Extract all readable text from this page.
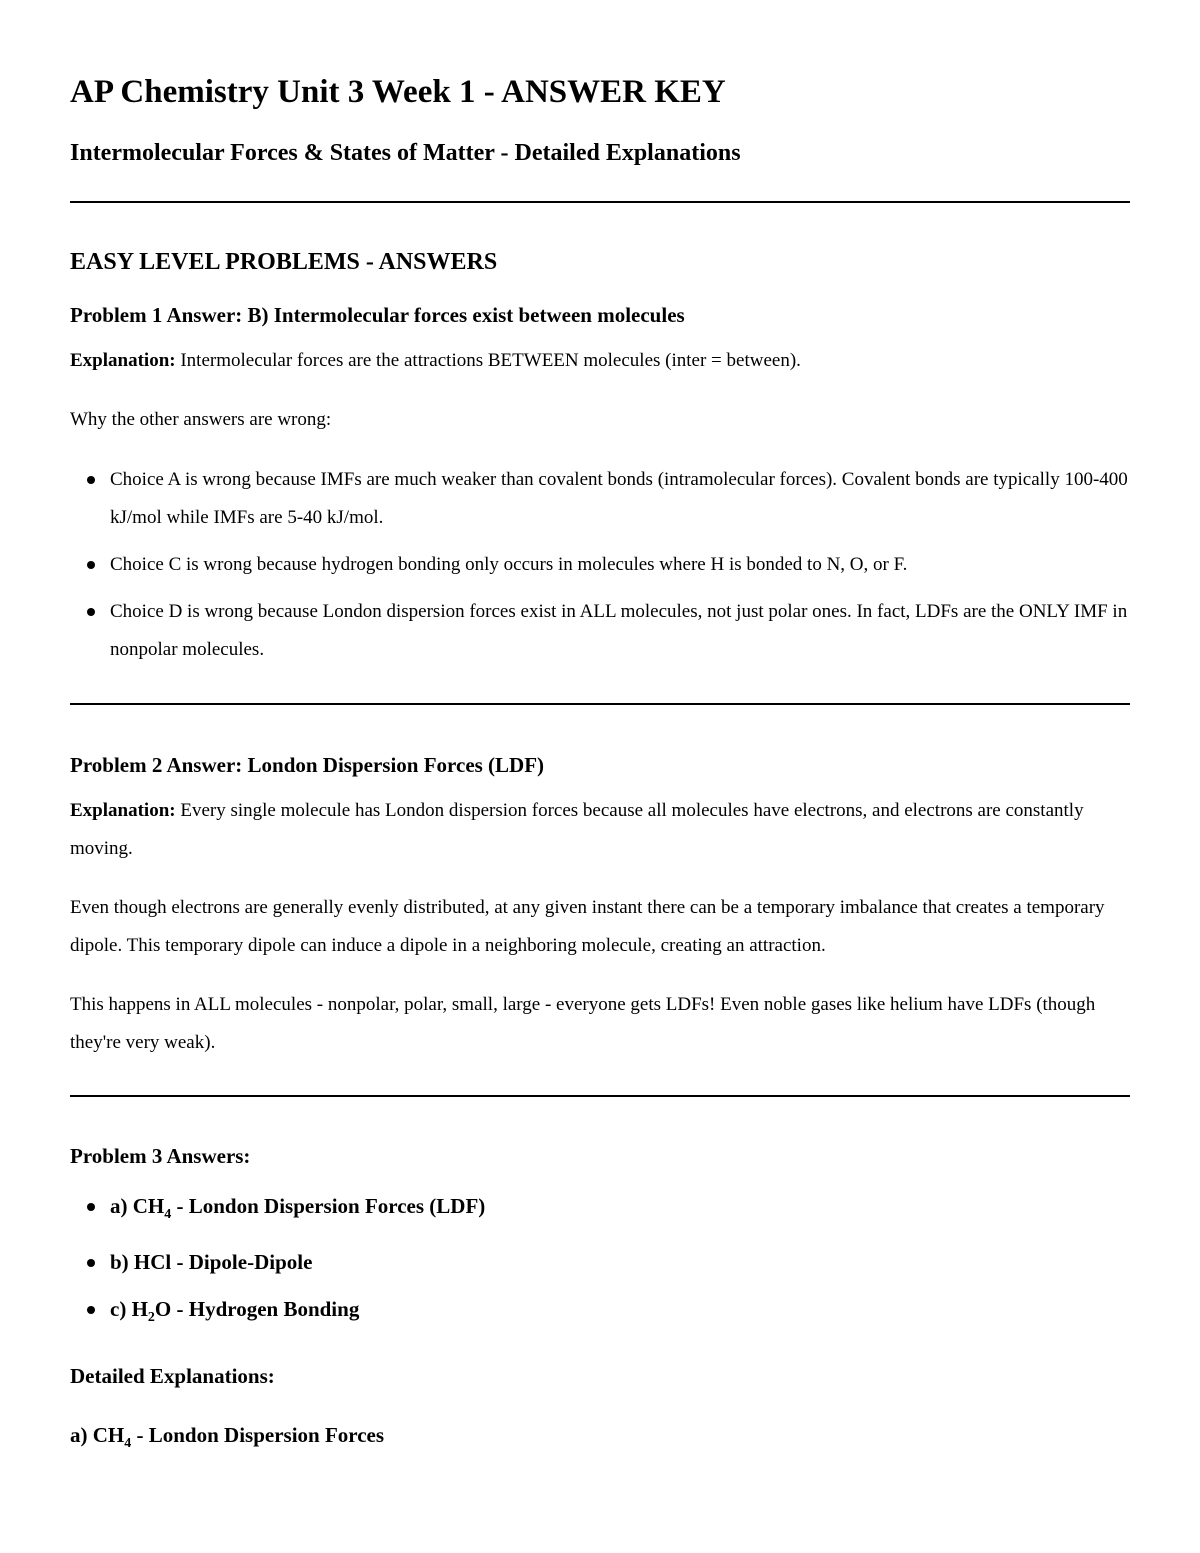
AP Chemistry Unit 3 Week 1 - ANSWER KEY
Intermolecular Forces & States of Matter - Detailed Explanations
EASY LEVEL PROBLEMS - ANSWERS
Problem 1 Answer: B) Intermolecular forces exist between molecules

Explanation: Intermolecular forces are the attractions BETWEEN molecules (inter = between).

Why the other answers are wrong:

Choice A is wrong because IMFs are much weaker than covalent bonds (intramolecular forces). Covalent bonds are typically 100-400 kJ/mol while IMFs are 5-40 kJ/mol.
Choice C is wrong because hydrogen bonding only occurs in molecules where H is bonded to N, O, or F.
Choice D is wrong because London dispersion forces exist in ALL molecules, not just polar ones. In fact, LDFs are the ONLY IMF in nonpolar molecules.
Problem 2 Answer: London Dispersion Forces (LDF)

Explanation: Every single molecule has London dispersion forces because all molecules have electrons, and electrons are constantly moving.

Even though electrons are generally evenly distributed, at any given instant there can be a temporary imbalance that creates a temporary dipole. This temporary dipole can induce a dipole in a neighboring molecule, creating an attraction.

This happens in ALL molecules - nonpolar, polar, small, large - everyone gets LDFs! Even noble gases like helium have LDFs (though they're very weak).

Problem 3 Answers:
a) $CH_4$ - London Dispersion Forces (LDF)
b) HCl - Dipole-Dipole
c) $H_2O$ - Hydrogen Bonding

Detailed Explanations:

a) $CH_4$ - London Dispersion Forces
